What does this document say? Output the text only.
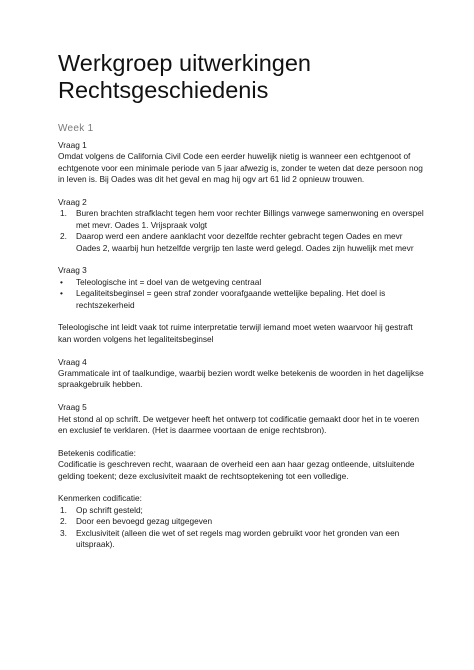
Werkgroep uitwerkingen
Rechtsgeschiedenis
Week 1

Vraag 1

Omdat volgens de California Civil Code een eerder huwelijk nietig is wanneer een echtgenoot of echtgenote voor een minimale periode van 5 jaar afwezig is, zonder te weten dat deze persoon nog in leven is. Bij Oades was dit het geval en mag hij ogv art 61 lid 2 opnieuw trouwen.

Vraag 2

1.	Buren brachten strafklacht tegen hem voor rechter Billings vanwege samenwoning en overspel met mevr. Oades 1. Vrijspraak volgt
2.	Daarop werd een andere aanklacht voor dezelfde rechter gebracht tegen Oades en mevr Oades 2, waarbij hun hetzelfde vergrijp ten laste werd gelegd. Oades zijn huwelijk met mevr

Vraag 3

•	Teleologische int = doel van de wetgeving centraal
•	Legaliteitsbeginsel = geen straf zonder voorafgaande wettelijke bepaling. Het doel is rechtszekerheid

Teleologische int leidt vaak tot ruime interpretatie terwijl iemand moet weten waarvoor hij gestraft kan worden volgens het legaliteitsbeginsel

Vraag 4

Grammaticale int of taalkundige, waarbij bezien wordt welke betekenis de woorden in het dagelijkse spraakgebruik hebben.

Vraag 5

Het stond al op schrift. De wetgever heeft het ontwerp tot codificatie gemaakt door het in te voeren en exclusief te verklaren. (Het is daarmee voortaan de enige rechtsbron).

Betekenis codificatie:

Codificatie is geschreven recht, waaraan de overheid een aan haar gezag ontleende, uitsluitende gelding toekent; deze exclusiviteit maakt de rechtsoptekening tot een volledige.

Kenmerken codificatie:

1.	Op schrift gesteld;
2.	Door een bevoegd gezag uitgegeven
3.	Exclusiviteit (alleen die wet of set regels mag worden gebruikt voor het gronden van een uitspraak).
